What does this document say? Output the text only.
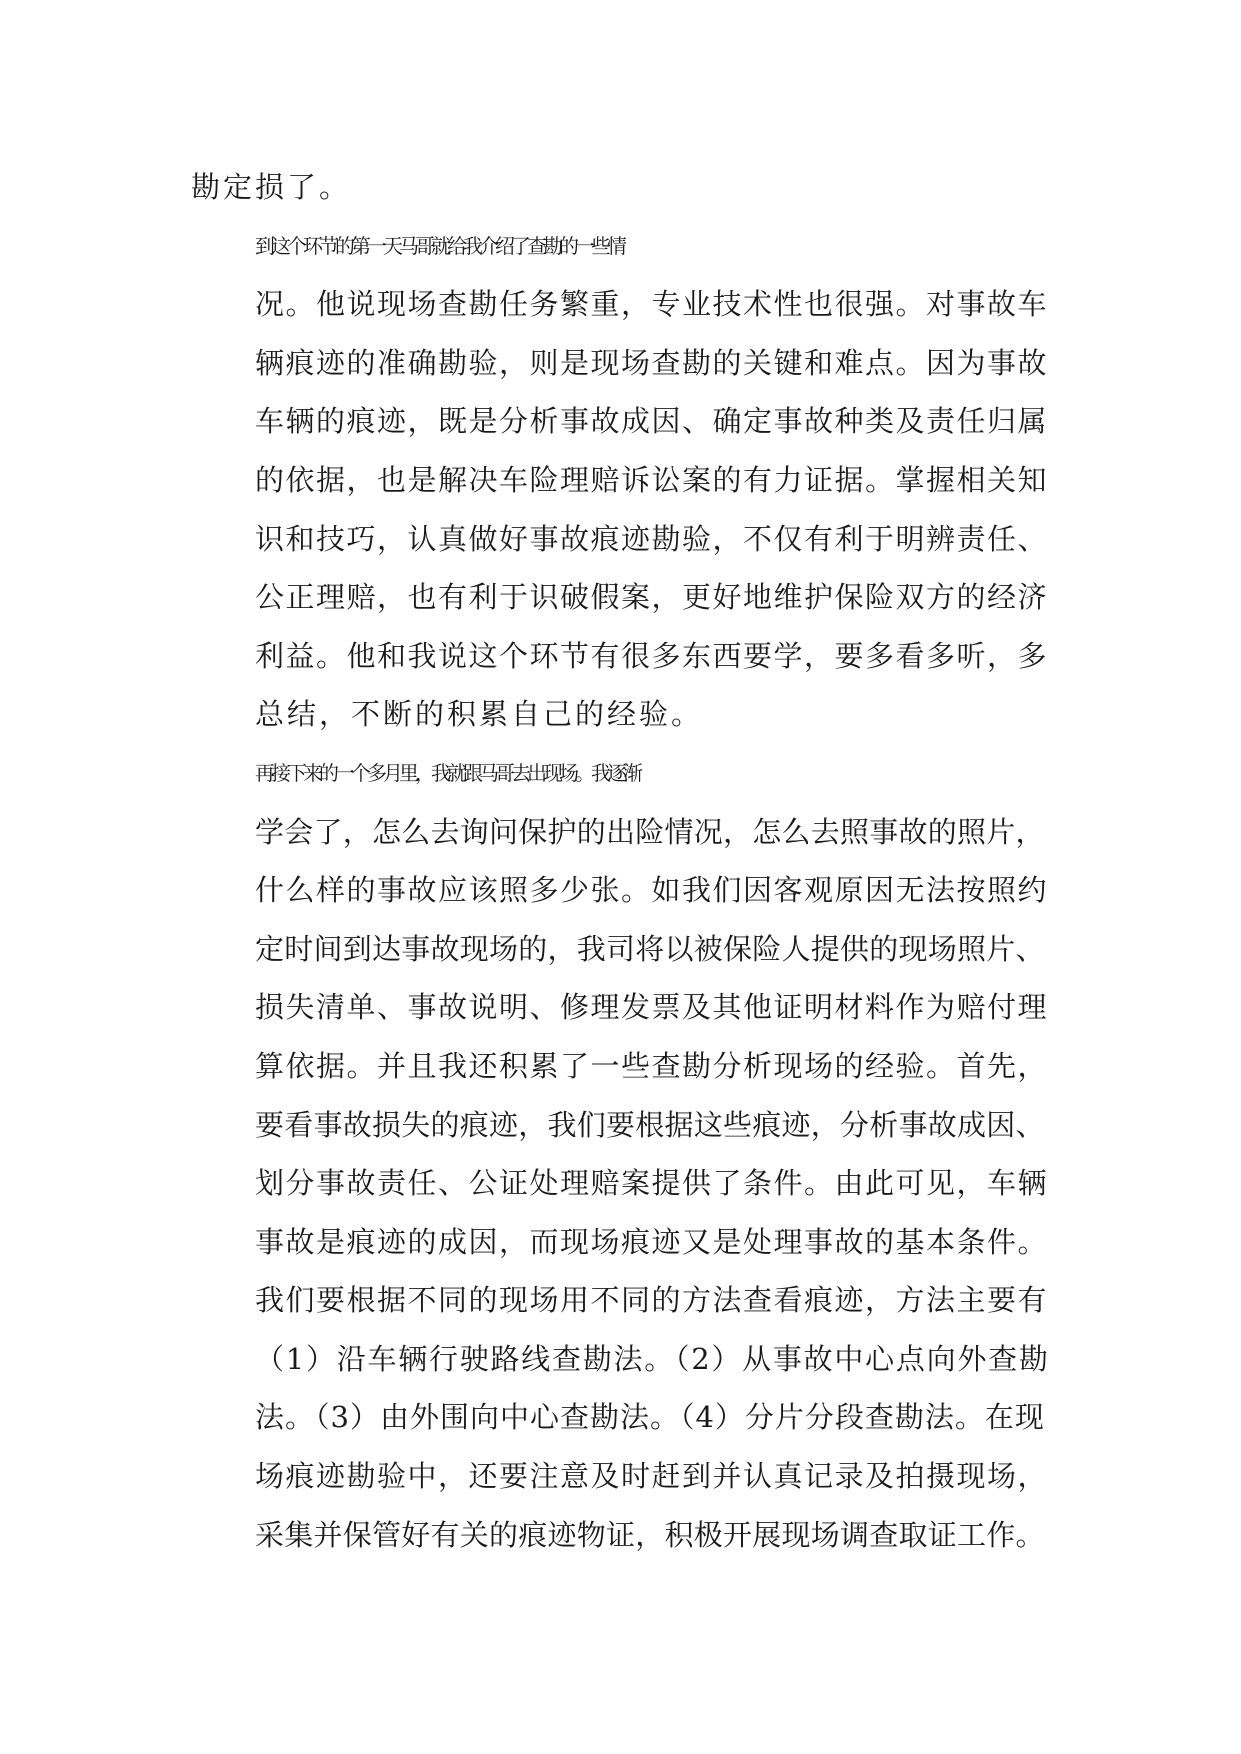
勘定损了。

到这个环节的第一天马哥就给我介绍了查勘的一些情
况。他说现场查勘任务繁重，专业技术性也很强。对事故车
辆痕迹的准确勘验，则是现场查勘的关键和难点。因为事故
车辆的痕迹，既是分析事故成因、确定事故种类及责任归属
的依据，也是解决车险理赔诉讼案的有力证据。掌握相关知
识和技巧，认真做好事故痕迹勘验，不仅有利于明辨责任、
公正理赔，也有利于识破假案，更好地维护保险双方的经济
利益。他和我说这个环节有很多东西要学，要多看多听，多
总结，不断的积累自己的经验。

再接下来的一个多月里，我就跟马哥去出现场。我逐渐
学会了，怎么去询问保护的出险情况，怎么去照事故的照片，
什么样的事故应该照多少张。如我们因客观原因无法按照约
定时间到达事故现场的，我司将以被保险人提供的现场照片、
损失清单、事故说明、修理发票及其他证明材料作为赔付理
算依据。并且我还积累了一些查勘分析现场的经验。首先，
要看事故损失的痕迹，我们要根据这些痕迹，分析事故成因、
划分事故责任、公证处理赔案提供了条件。由此可见，车辆
事故是痕迹的成因，而现场痕迹又是处理事故的基本条件。
我们要根据不同的现场用不同的方法查看痕迹，方法主要有
（1）沿车辆行驶路线查勘法。（2）从事故中心点向外查勘
法。（3）由外围向中心查勘法。（4）分片分段查勘法。在现
场痕迹勘验中，还要注意及时赶到并认真记录及拍摄现场，
采集并保管好有关的痕迹物证，积极开展现场调查取证工作。
